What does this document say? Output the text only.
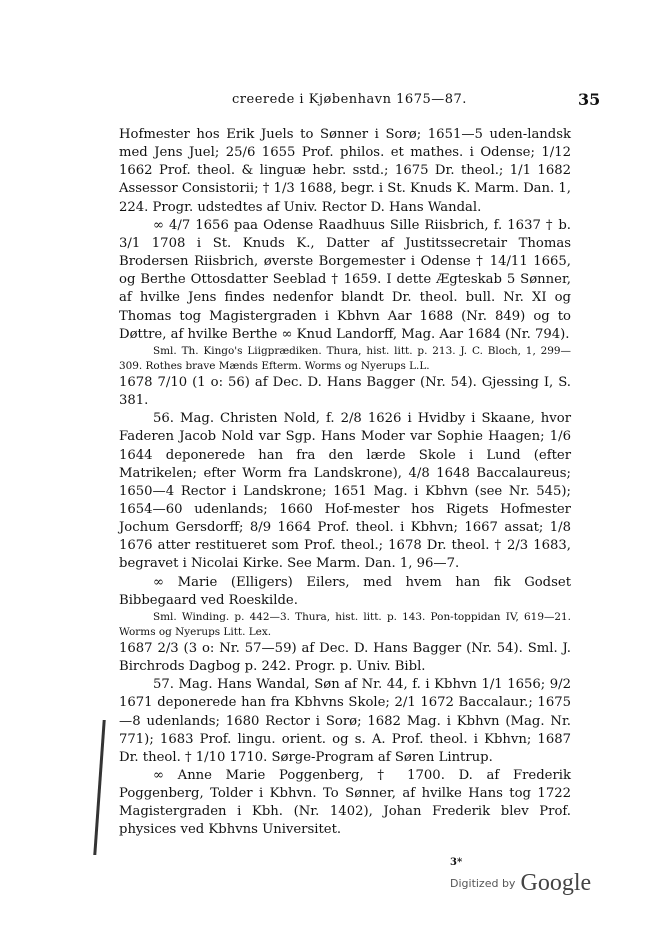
creerede i Kjøbenhavn 1675—87.	35

Hofmester hos Erik Juels to Sønner i Sorø; 1651—5 uden-landsk med Jens Juel; 25/6 1655 Prof. philos. et mathes. i Odense; 1/12 1662 Prof. theol. & linguæ hebr. sstd.; 1675 Dr. theol.; 1/1 1682 Assessor Consistorii; † 1/3 1688, begr. i St. Knuds K. Marm. Dan. 1, 224. Progr. udstedtes af Univ. Rector D. Hans Wandal.

∞ 4/7 1656 paa Odense Raadhuus Sille Riisbrich, f. 1637 † b. 3/1 1708 i St. Knuds K., Datter af Justitssecretair Thomas Brodersen Riisbrich, øverste Borgemester i Odense † 14/11 1665, og Berthe Ottosdatter Seeblad † 1659. I dette Ægteskab 5 Sønner, af hvilke Jens findes nedenfor blandt Dr. theol. bull. Nr. XI og Thomas tog Magistergraden i Kbhvn Aar 1688 (Nr. 849) og to Døttre, af hvilke Berthe ∞ Knud Landorff, Mag. Aar 1684 (Nr. 794).

Sml. Th. Kingo's Liigprædiken. Thura, hist. litt. p. 213. J. C. Bloch, 1, 299—309. Rothes brave Mænds Efterm. Worms og Nyerups L.L.

1678 7/10 (1 o: 56) af Dec. D. Hans Bagger (Nr. 54). Gjessing I, S. 381.

56. Mag. Christen Nold, f. 2/8 1626 i Hvidby i Skaane, hvor Faderen Jacob Nold var Sgp. Hans Moder var Sophie Haagen; 1/6 1644 deponerede han fra den lærde Skole i Lund (efter Matrikelen; efter Worm fra Landskrone), 4/8 1648 Baccalaureus; 1650—4 Rector i Landskrone; 1651 Mag. i Kbhvn (see Nr. 545); 1654—60 udenlands; 1660 Hof-mester hos Rigets Hofmester Jochum Gersdorff; 8/9 1664 Prof. theol. i Kbhvn; 1667 assat; 1/8 1676 atter restitueret som Prof. theol.; 1678 Dr. theol. † 2/3 1683, begravet i Nicolai Kirke. See Marm. Dan. 1, 96—7.

∞ Marie (Elligers) Eilers, med hvem han fik Godset Bibbegaard ved Roeskilde.

Sml. Winding. p. 442—3. Thura, hist. litt. p. 143. Pon-toppidan IV, 619—21. Worms og Nyerups Litt. Lex.

1687 2/3 (3 o: Nr. 57—59) af Dec. D. Hans Bagger (Nr. 54). Sml. J. Birchrods Dagbog p. 242. Progr. p. Univ. Bibl.

57. Mag. Hans Wandal, Søn af Nr. 44, f. i Kbhvn 1/1 1656; 9/2 1671 deponerede han fra Kbhvns Skole; 2/1 1672 Baccalaur.; 1675—8 udenlands; 1680 Rector i Sorø; 1682 Mag. i Kbhvn (Mag. Nr. 771); 1683 Prof. lingu. orient. og s. A. Prof. theol. i Kbhvn; 1687 Dr. theol. † 1/10 1710. Sørge-Program af Søren Lintrup.

∞ Anne Marie Poggenberg, † 1700. D. af Frederik Poggenberg, Tolder i Kbhvn. To Sønner, af hvilke Hans tog 1722 Magistergraden i Kbh. (Nr. 1402), Johan Frederik blev Prof. physices ved Kbhvns Universitet.

3*
Digitized by Google
